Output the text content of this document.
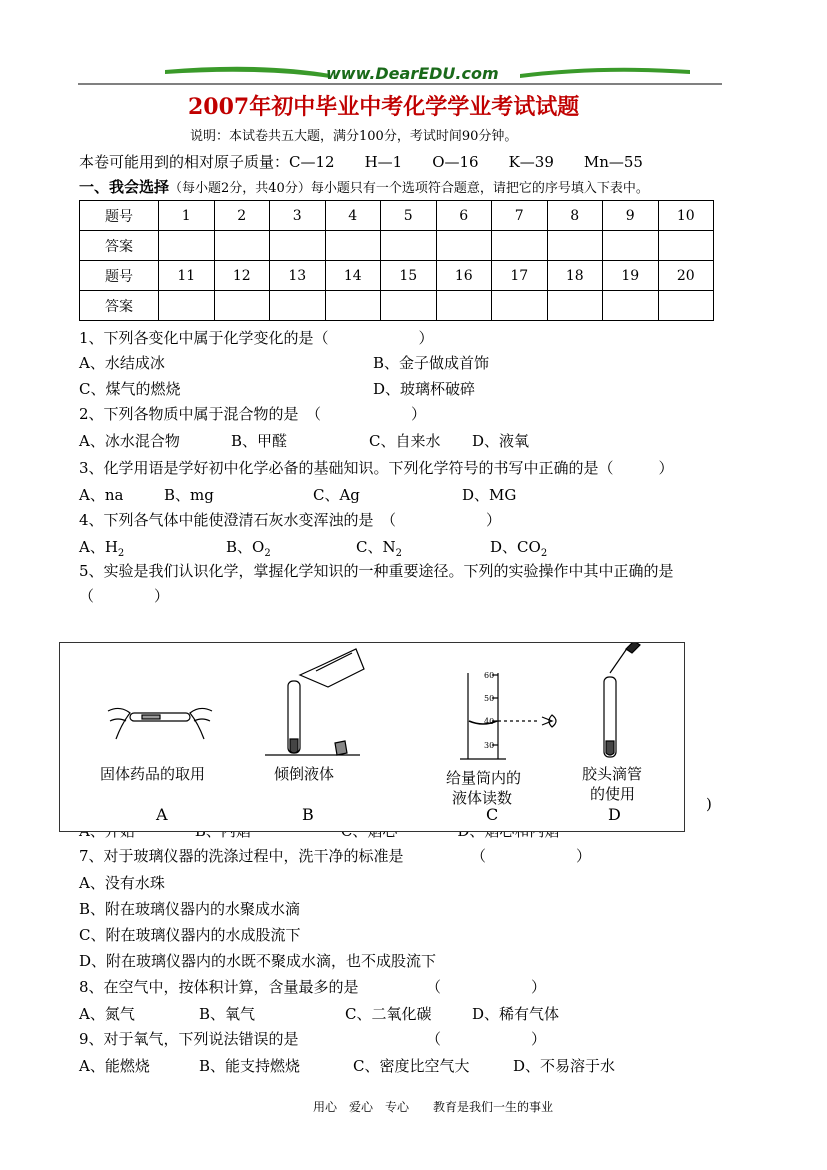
www.DearEDU.com
2007年初中毕业中考化学学业考试试题
说明：本试卷共五大题，满分100分，考试时间90分钟。
本卷可能用到的相对原子质量：C—12　　H—1　　O—16　　K—39　　Mn—55
一、我会选择（每小题2分，共40分）每小题只有一个选项符合题意，请把它的序号填入下表中。
题号	1	2	3	4	5	6	7	8	9	10
答案										
题号	11	12	13	14	15	16	17	18	19	20
答案										
1、下列各变化中属于化学变化的是（　　　　　　）
A、水结成冰	B、金子做成首饰
C、煤气的燃烧	D、玻璃杯破碎
2、下列各物质中属于混合物的是　（　　　　　　）
A、冰水混合物	B、甲醛	C、自来水 D、液氧
3、化学用语是学好初中化学必备的基础知识。下列化学符号的书写中正确的是（　　　）
A、na	B、mg	C、Ag	D、MG
4、下列各气体中能使澄清石灰水变浑浊的是　（　　　　　　）
A、$H_2$	B、$O_2$	C、$N_2$	D、$CO_2$
5、实验是我们认识化学，掌握化学知识的一种重要途径。下列的实验操作中其中正确的是
（　　　　）
)
固体药品的取用	倾倒液体	给量筒内的
液体读数
胶头滴管
的使用
A	B	C	D
60
50
40
30
7、对于玻璃仪器的洗涤过程中，洗干净的标准是　　　　　（　　　　　　）
A、没有水珠
B、附在玻璃仪器内的水聚成水滴
C、附在玻璃仪器内的水成股流下
D、附在玻璃仪器内的水既不聚成水滴，也不成股流下
8、在空气中，按体积计算，含量最多的是　　　　　（　　　　　　）
A、氮气	B、氧气	C、二氧化碳	D、稀有气体
9、对于氧气，下列说法错误的是　　　　　　　　　（　　　　　　）
A、能燃烧	B、能支持燃烧	C、密度比空气大	D、不易溶于水
用心　爱心　专心　　教育是我们一生的事业
